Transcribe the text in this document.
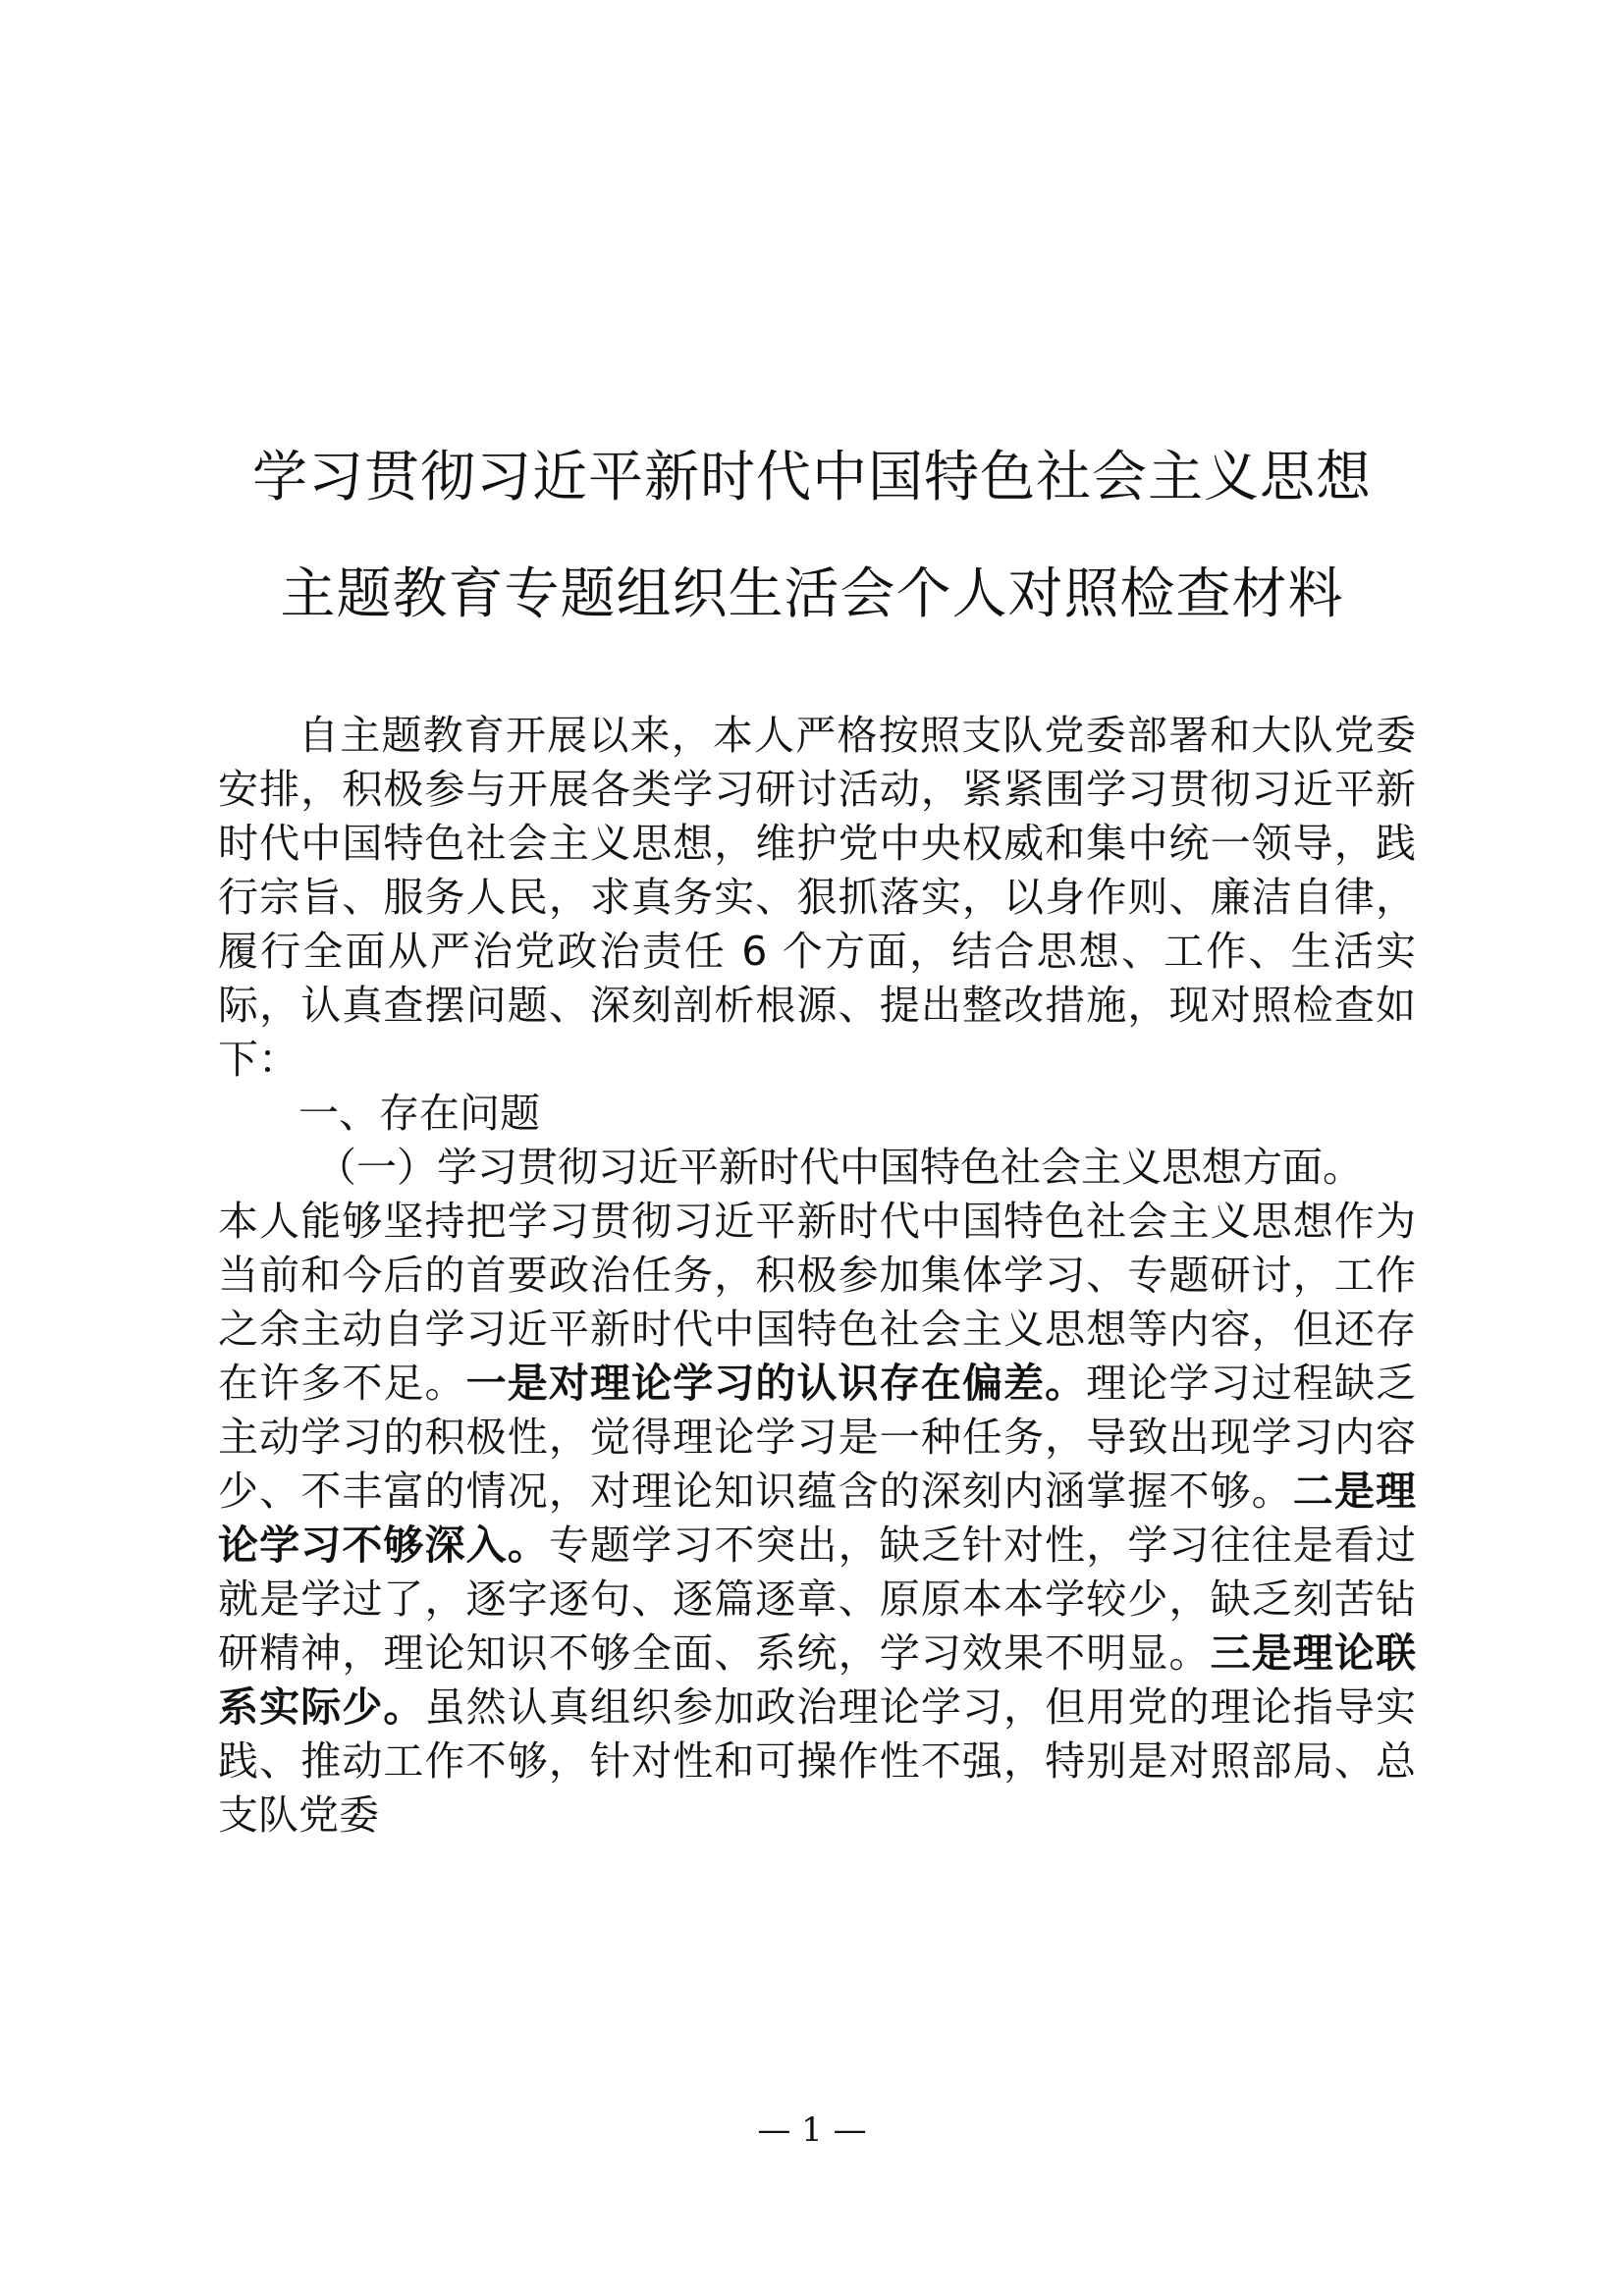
学习贯彻习近平新时代中国特色社会主义思想
主题教育专题组织生活会个人对照检查材料

自主题教育开展以来，本人严格按照支队党委部署和大队党委安排，积极参与开展各类学习研讨活动，紧紧围学习贯彻习近平新时代中国特色社会主义思想，维护党中央权威和集中统一领导，践行宗旨、服务人民，求真务实、狠抓落实，以身作则、廉洁自律，履行全面从严治党政治责任 6 个方面，结合思想、工作、生活实际，认真查摆问题、深刻剖析根源、提出整改措施，现对照检查如下：

一、存在问题

（一）学习贯彻习近平新时代中国特色社会主义思想方面。

本人能够坚持把学习贯彻习近平新时代中国特色社会主义思想作为当前和今后的首要政治任务，积极参加集体学习、专题研讨，工作之余主动自学习近平新时代中国特色社会主义思想等内容，但还存在许多不足。一是对理论学习的认识存在偏差。理论学习过程缺乏主动学习的积极性，觉得理论学习是一种任务，导致出现学习内容少、不丰富的情况，对理论知识蕴含的深刻内涵掌握不够。二是理论学习不够深入。专题学习不突出，缺乏针对性，学习往往是看过就是学过了，逐字逐句、逐篇逐章、原原本本学较少，缺乏刻苦钻研精神，理论知识不够全面、系统，学习效果不明显。三是理论联系实际少。虽然认真组织参加政治理论学习，但用党的理论指导实践、推动工作不够，针对性和可操作性不强，特别是对照部局、总支队党委

— 1 —
